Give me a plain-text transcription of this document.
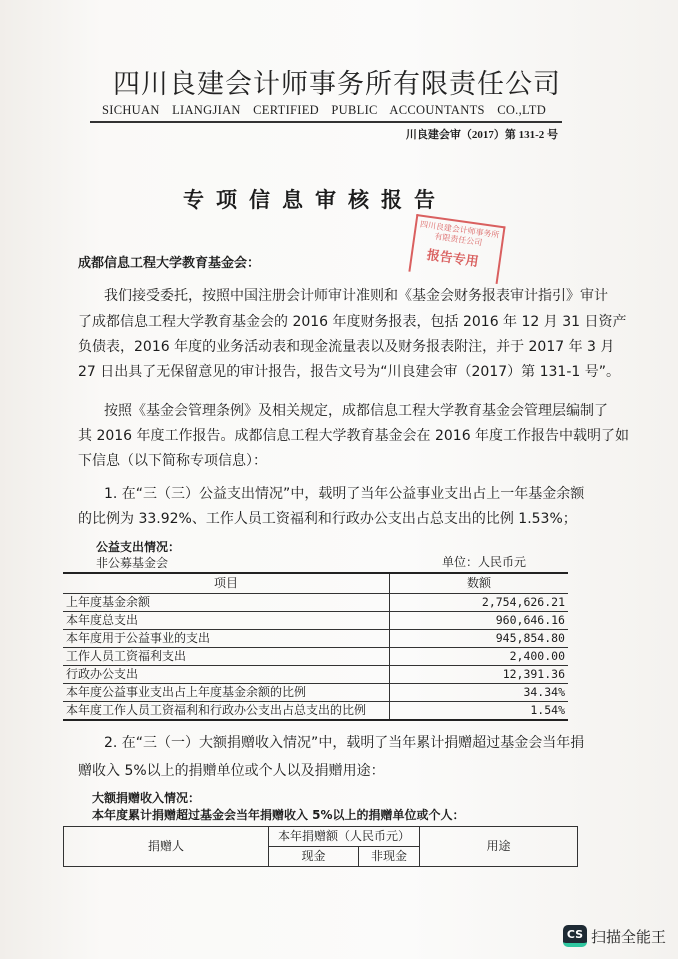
四川良建会计师事务所有限责任公司
SICHUAN LIANGJIAN CERTIFIED PUBLIC ACCOUNTANTS CO.,LTD
川良建会审（2017）第 131-2 号
专项信息审核报告
成都信息工程大学教育基金会：
四川良建会计师事务所有限责任公司
报告专用
我们接受委托，按照中国注册会计师审计准则和《基金会财务报表审计指引》审计
了成都信息工程大学教育基金会的 2016 年度财务报表，包括 2016 年 12 月 31 日资产
负债表，2016 年度的业务活动表和现金流量表以及财务报表附注，并于 2017 年 3 月
27 日出具了无保留意见的审计报告，报告文号为“川良建会审（2017）第 131-1 号”。
按照《基金会管理条例》及相关规定，成都信息工程大学教育基金会管理层编制了
其 2016 年度工作报告。成都信息工程大学教育基金会在 2016 年度工作报告中载明了如
下信息（以下简称专项信息）：
1. 在“三（三）公益支出情况”中，载明了当年公益事业支出占上一年基金余额
的比例为 33.92%、工作人员工资福利和行政办公支出占总支出的比例 1.53%；
公益支出情况：
非公募基金会	单位：人民币元
项目	数额
上年度基金余额	2,754,626.21
本年度总支出	960,646.16
本年度用于公益事业的支出	945,854.80
工作人员工资福利支出	2,400.00
行政办公支出	12,391.36
本年度公益事业支出占上年度基金余额的比例	34.34%
本年度工作人员工资福利和行政办公支出占总支出的比例	1.54%
2. 在“三（一）大额捐赠收入情况”中，载明了当年累计捐赠超过基金会当年捐
赠收入 5%以上的捐赠单位或个人以及捐赠用途：
大额捐赠收入情况：
本年度累计捐赠超过基金会当年捐赠收入 5%以上的捐赠单位或个人：
捐赠人	本年捐赠额（人民币元）		用途
	现金	非现金	
CS 扫描全能王
